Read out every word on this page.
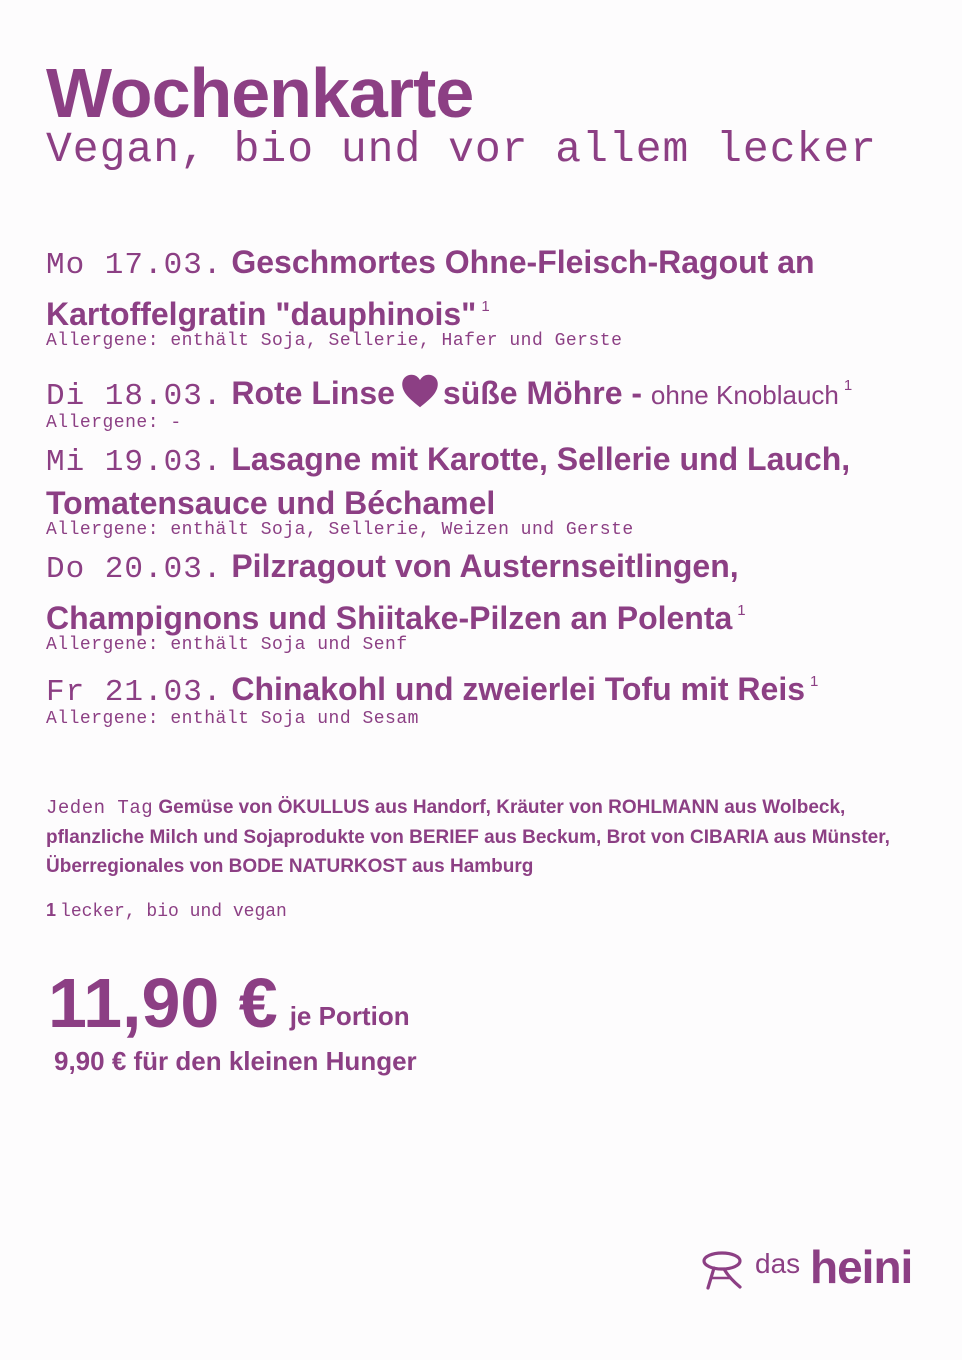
Wochenkarte
Vegan, bio und vor allem lecker
Mo 17.03. Geschmortes Ohne-Fleisch-Ragout an Kartoffelgratin "dauphinois" $^1$
Allergene: enthält Soja, Sellerie, Hafer und Gerste
Di 18.03. Rote Linse süße Möhre - ohne Knoblauch $^1$
Allergene: -
Mi 19.03. Lasagne mit Karotte, Sellerie und Lauch, Tomatensauce und Béchamel
Allergene: enthält Soja, Sellerie, Weizen und Gerste
Do 20.03. Pilzragout von Austernseitlingen, Champignons und Shiitake-Pilzen an Polenta $^1$
Allergene: enthält Soja und Senf
Fr 21.03. Chinakohl und zweierlei Tofu mit Reis $^1$
Allergene: enthält Soja und Sesam
Jeden Tag Gemüse von ÖKULLUS aus Handorf, Kräuter von ROHLMANN aus Wolbeck, pflanzliche Milch und Sojaprodukte von BERIEF aus Beckum, Brot von CIBARIA aus Münster, Überregionales von BODE NATURKOST aus Hamburg
1 lecker, bio und vegan
11,90 € je Portion
9,90 € für den kleinen Hunger
das heini
